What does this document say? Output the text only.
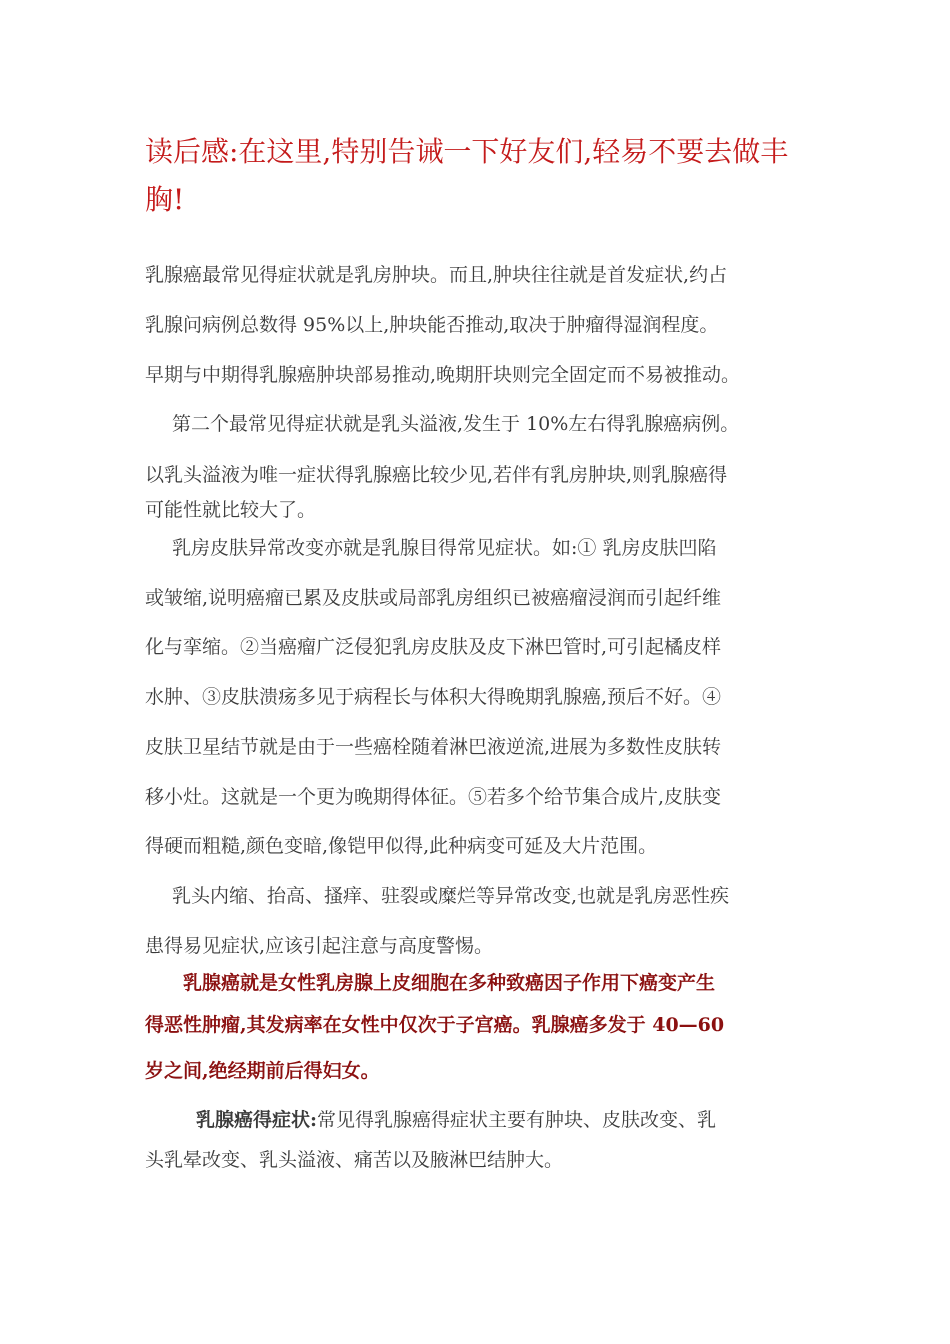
读后感:在这里,特别告诫一下好友们,轻易不要去做丰胸!
乳腺癌最常见得症状就是乳房肿块。而且,肿块往往就是首发症状,约占
乳腺问病例总数得 95%以上,肿块能否推动,取决于肿瘤得湿润程度。
早期与中期得乳腺癌肿块部易推动,晚期肝块则完全固定而不易被推动。
第二个最常见得症状就是乳头溢液,发生于 10%左右得乳腺癌病例。
以乳头溢液为唯一症状得乳腺癌比较少见,若伴有乳房肿块,则乳腺癌得
可能性就比较大了。
乳房皮肤异常改变亦就是乳腺目得常见症状。如:① 乳房皮肤凹陷
或皱缩,说明癌瘤已累及皮肤或局部乳房组织已被癌瘤浸润而引起纤维
化与挛缩。②当癌瘤广泛侵犯乳房皮肤及皮下淋巴管时,可引起橘皮样
水肿、③皮肤溃疡多见于病程长与体积大得晚期乳腺癌,预后不好。④
皮肤卫星结节就是由于一些癌栓随着淋巴液逆流,进展为多数性皮肤转
移小灶。这就是一个更为晚期得体征。⑤若多个给节集合成片,皮肤变
得硬而粗糙,颜色变暗,像铠甲似得,此种病变可延及大片范围。
乳头内缩、抬高、搔痒、驻裂或糜烂等异常改变,也就是乳房恶性疾
患得易见症状,应该引起注意与高度警惕。
乳腺癌就是女性乳房腺上皮细胞在多种致癌因子作用下癌变产生
得恶性肿瘤,其发病率在女性中仅次于子宫癌。乳腺癌多发于 40—60
岁之间,绝经期前后得妇女。
乳腺癌得症状:常见得乳腺癌得症状主要有肿块、皮肤改变、乳
头乳晕改变、乳头溢液、痛苦以及腋淋巴结肿大。
